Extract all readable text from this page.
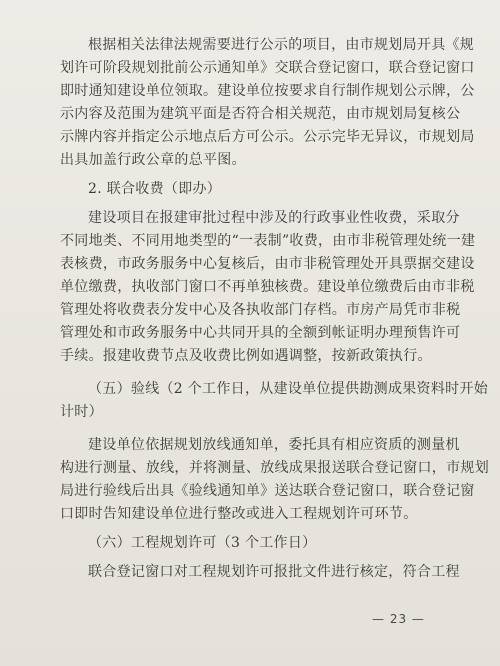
根据相关法律法规需要进行公示的项目，由市规划局开具《规
划许可阶段规划批前公示通知单》交联合登记窗口，联合登记窗口
即时通知建设单位领取。建设单位按要求自行制作规划公示牌，公
示内容及范围为建筑平面是否符合相关规范，由市规划局复核公
示牌内容并指定公示地点后方可公示。公示完毕无异议，市规划局
出具加盖行政公章的总平图。

2. 联合收费（即办）

建设项目在报建审批过程中涉及的行政事业性收费，采取分
不同地类、不同用地类型的“一表制”收费，由市非税管理处统一建
表核费，市政务服务中心复核后，由市非税管理处开具票据交建设
单位缴费，执收部门窗口不再单独核费。建设单位缴费后由市非税
管理处将收费表分发中心及各执收部门存档。市房产局凭市非税
管理处和市政务服务中心共同开具的全额到帐证明办理预售许可
手续。报建收费节点及收费比例如遇调整，按新政策执行。

（五）验线（2 个工作日，从建设单位提供勘测成果资料时开始
计时）

建设单位依据规划放线通知单，委托具有相应资质的测量机
构进行测量、放线，并将测量、放线成果报送联合登记窗口，市规划
局进行验线后出具《验线通知单》送达联合登记窗口，联合登记窗
口即时告知建设单位进行整改或进入工程规划许可环节。

（六）工程规划许可（3 个工作日）

联合登记窗口对工程规划许可报批文件进行核定，符合工程

— 23 —
